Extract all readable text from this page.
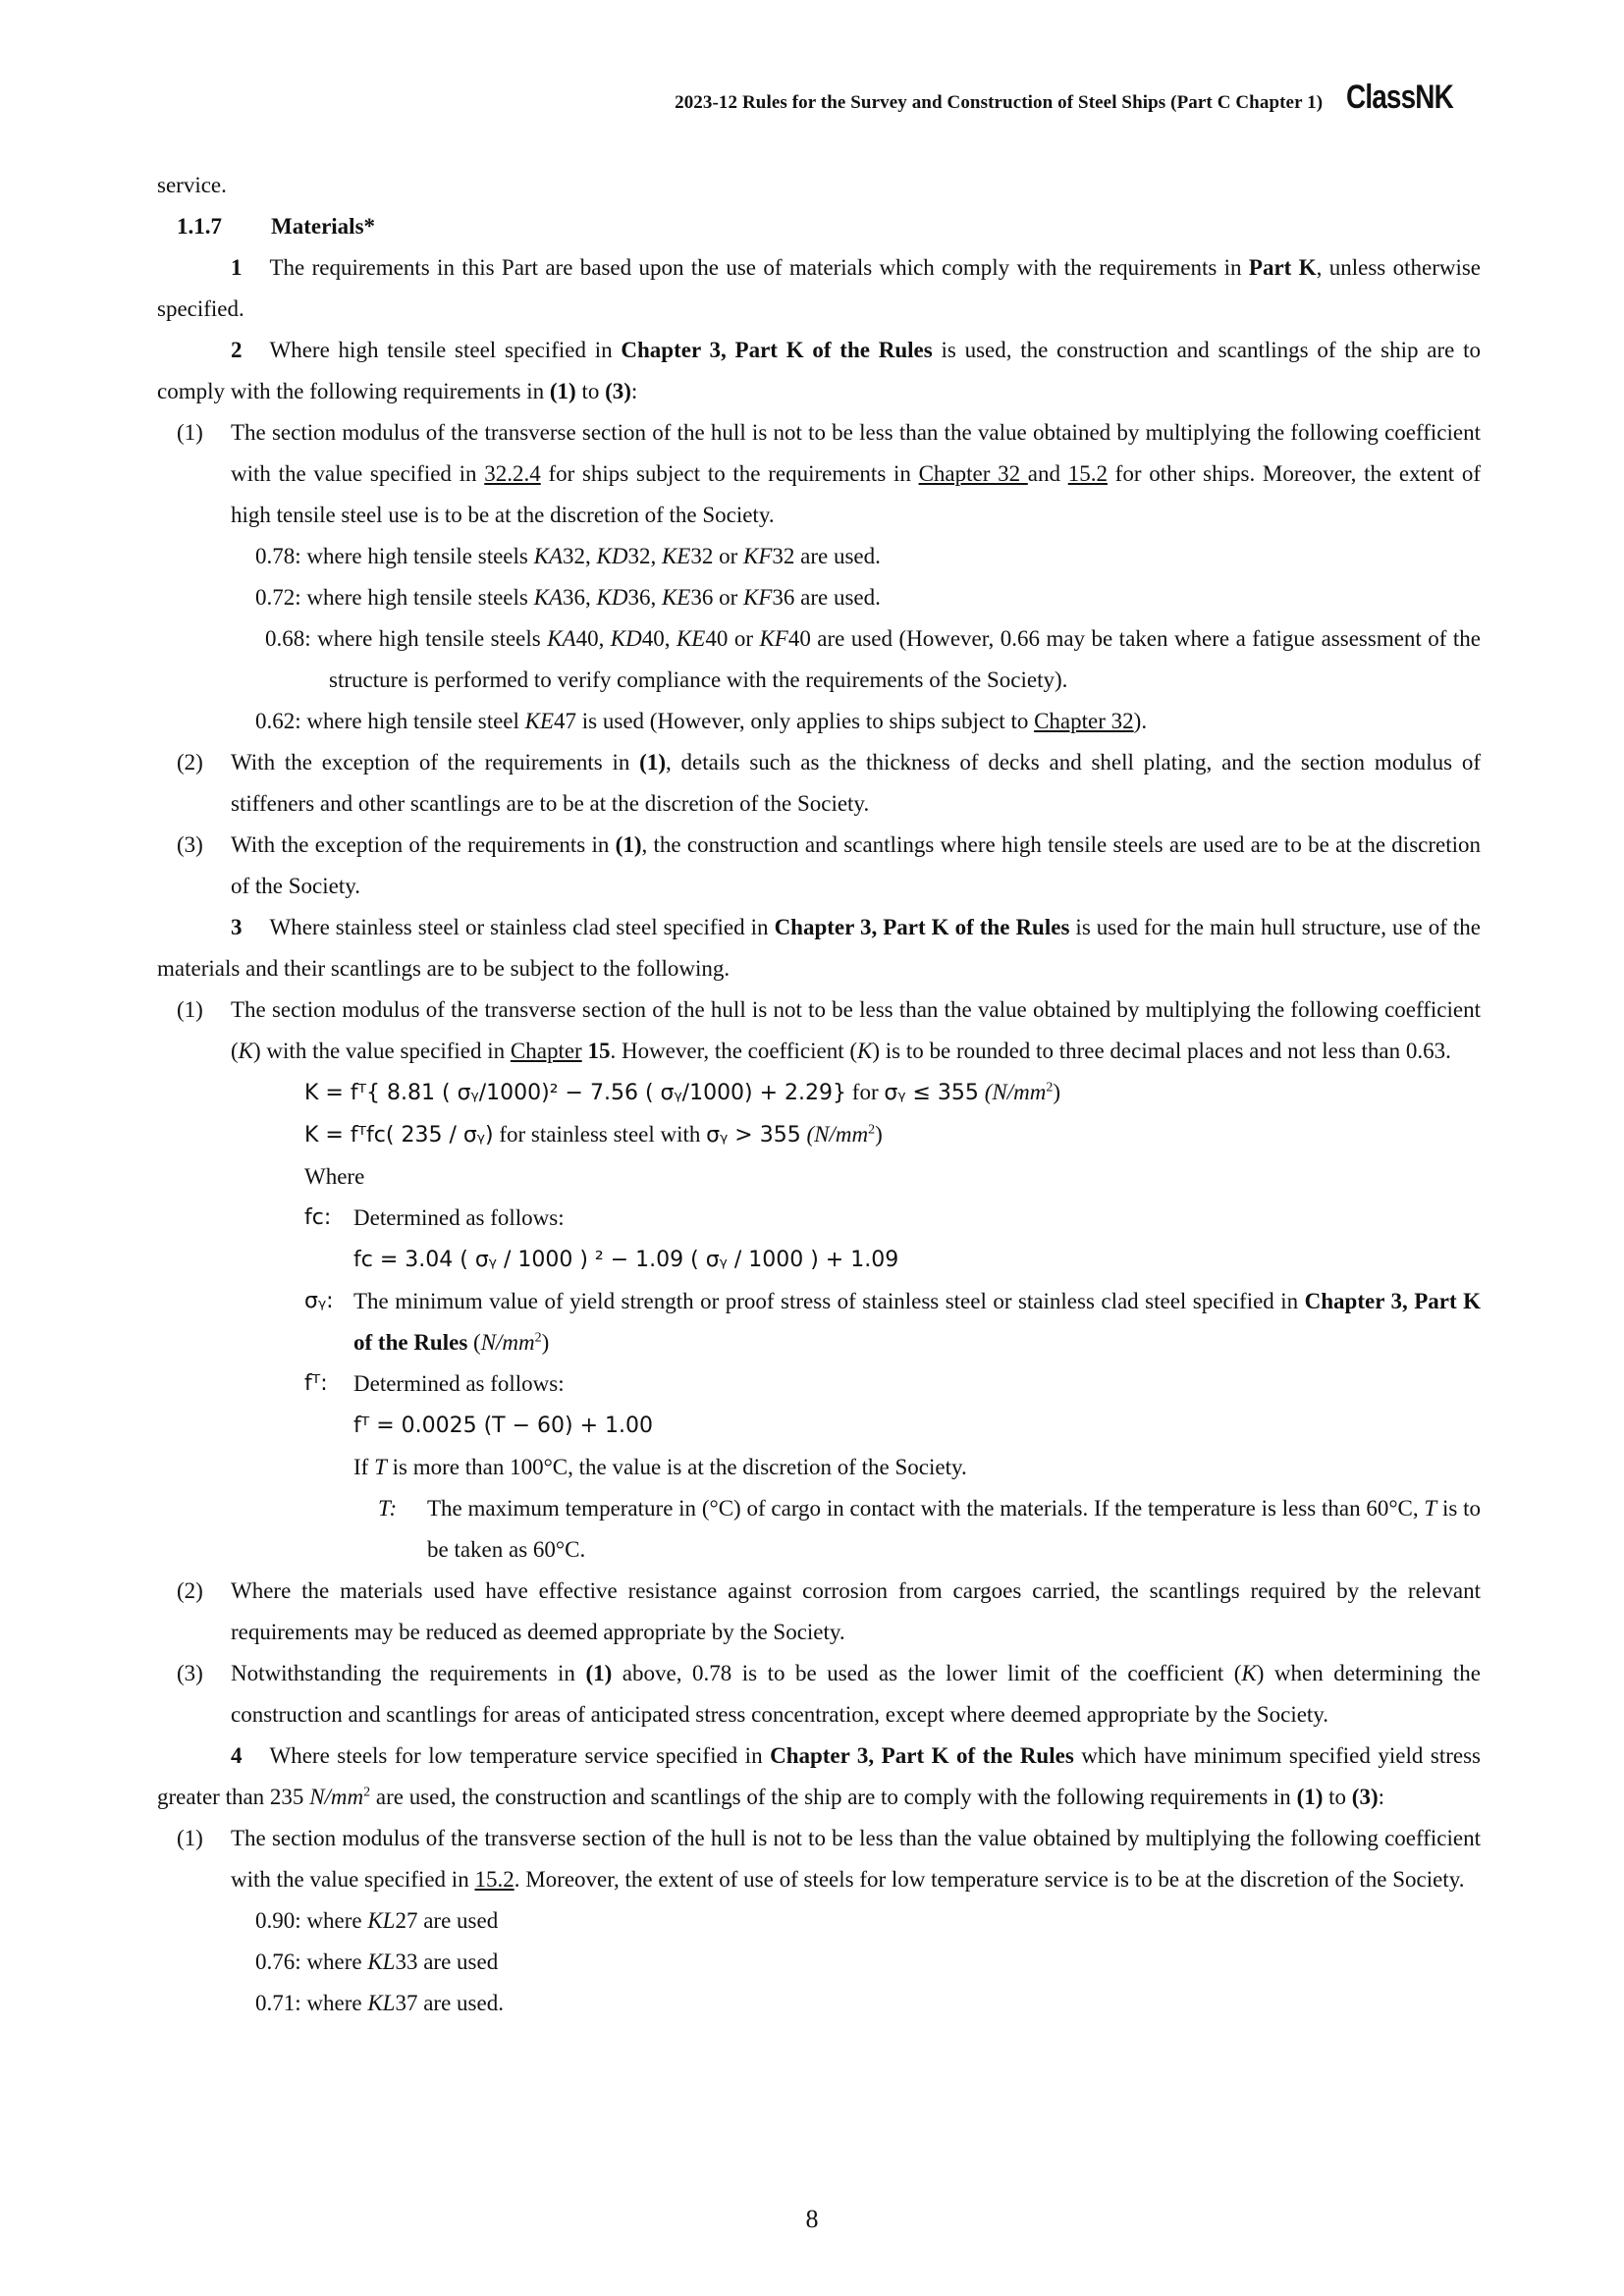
2023-12 Rules for the Survey and Construction of Steel Ships (Part C Chapter 1) ClassNK
service.
1.1.7 Materials*
1 The requirements in this Part are based upon the use of materials which comply with the requirements in Part K, unless otherwise specified.
2 Where high tensile steel specified in Chapter 3, Part K of the Rules is used, the construction and scantlings of the ship are to comply with the following requirements in (1) to (3):
(1) The section modulus of the transverse section of the hull is not to be less than the value obtained by multiplying the following coefficient with the value specified in 32.2.4 for ships subject to the requirements in Chapter 32 and 15.2 for other ships. Moreover, the extent of high tensile steel use is to be at the discretion of the Society.
0.78: where high tensile steels KA32, KD32, KE32 or KF32 are used.
0.72: where high tensile steels KA36, KD36, KE36 or KF36 are used.
0.68: where high tensile steels KA40, KD40, KE40 or KF40 are used (However, 0.66 may be taken where a fatigue assessment of the structure is performed to verify compliance with the requirements of the Society).
0.62: where high tensile steel KE47 is used (However, only applies to ships subject to Chapter 32).
(2) With the exception of the requirements in (1), details such as the thickness of decks and shell plating, and the section modulus of stiffeners and other scantlings are to be at the discretion of the Society.
(3) With the exception of the requirements in (1), the construction and scantlings where high tensile steels are used are to be at the discretion of the Society.
3 Where stainless steel or stainless clad steel specified in Chapter 3, Part K of the Rules is used for the main hull structure, use of the materials and their scantlings are to be subject to the following.
(1) The section modulus of the transverse section of the hull is not to be less than the value obtained by multiplying the following coefficient (K) with the value specified in Chapter 15. However, the coefficient (K) is to be rounded to three decimal places and not less than 0.63.
K = fᵀ{ 8.81 ( σᵧ/1000)² − 7.56 ( σᵧ/1000) + 2.29} for σᵧ ≤ 355 $(N/mm^2)$
K = fᵀfᴄ( 235 / σᵧ) for stainless steel with σᵧ > 355 $(N/mm^2)$
Where
fᴄ: Determined as follows:
fᴄ = 3.04 ( σᵧ / 1000 ) ² − 1.09 ( σᵧ / 1000 ) + 1.09
σᵧ: The minimum value of yield strength or proof stress of stainless steel or stainless clad steel specified in Chapter 3, Part K of the Rules $(N/mm^2)$
fᵀ: Determined as follows:
fᵀ = 0.0025 (T − 60) + 1.00
If T is more than 100°C, the value is at the discretion of the Society.
T: The maximum temperature in (°C) of cargo in contact with the materials. If the temperature is less than 60°C, T is to be taken as 60°C.
(2) Where the materials used have effective resistance against corrosion from cargoes carried, the scantlings required by the relevant requirements may be reduced as deemed appropriate by the Society.
(3) Notwithstanding the requirements in (1) above, 0.78 is to be used as the lower limit of the coefficient (K) when determining the construction and scantlings for areas of anticipated stress concentration, except where deemed appropriate by the Society.
4 Where steels for low temperature service specified in Chapter 3, Part K of the Rules which have minimum specified yield stress greater than 235 $N/mm^2$ are used, the construction and scantlings of the ship are to comply with the following requirements in (1) to (3):
(1) The section modulus of the transverse section of the hull is not to be less than the value obtained by multiplying the following coefficient with the value specified in 15.2. Moreover, the extent of use of steels for low temperature service is to be at the discretion of the Society.
0.90: where KL27 are used
0.76: where KL33 are used
0.71: where KL37 are used.
8
